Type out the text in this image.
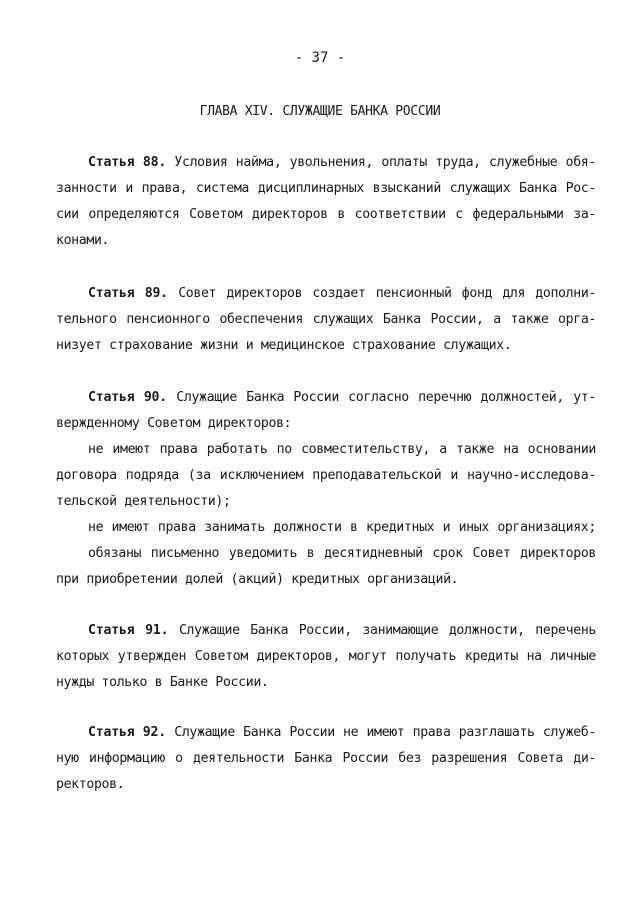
- 37 -
ГЛАВА XIV. СЛУЖАЩИЕ БАНКА РОССИИ
Статья 88. Условия найма, увольнения, оплаты труда, служебные обя-
занности и права, система дисциплинарных взысканий служащих Банка Рос-
сии определяются Советом директоров в соответствии с федеральными за-
конами.
Статья 89. Совет директоров создает пенсионный фонд для дополни-
тельного пенсионного обеспечения служащих Банка России, а также орга-
низует страхование жизни и медицинское страхование служащих.
Статья 90. Служащие Банка России согласно перечню должностей, ут-
вержденному Советом директоров:
не имеют права работать по совместительству, а также на основании
договора подряда (за исключением преподавательской и научно-исследова-
тельской деятельности);
не имеют права занимать должности в кредитных и иных организациях;
обязаны письменно уведомить в десятидневный срок Совет директоров
при приобретении долей (акций) кредитных организаций.
Статья 91. Служащие Банка России, занимающие должности, перечень
которых утвержден Советом директоров, могут получать кредиты на личные
нужды только в Банке России.
Статья 92. Служащие Банка России не имеют права разглашать служеб-
ную информацию о деятельности Банка России без разрешения Совета ди-
ректоров.
